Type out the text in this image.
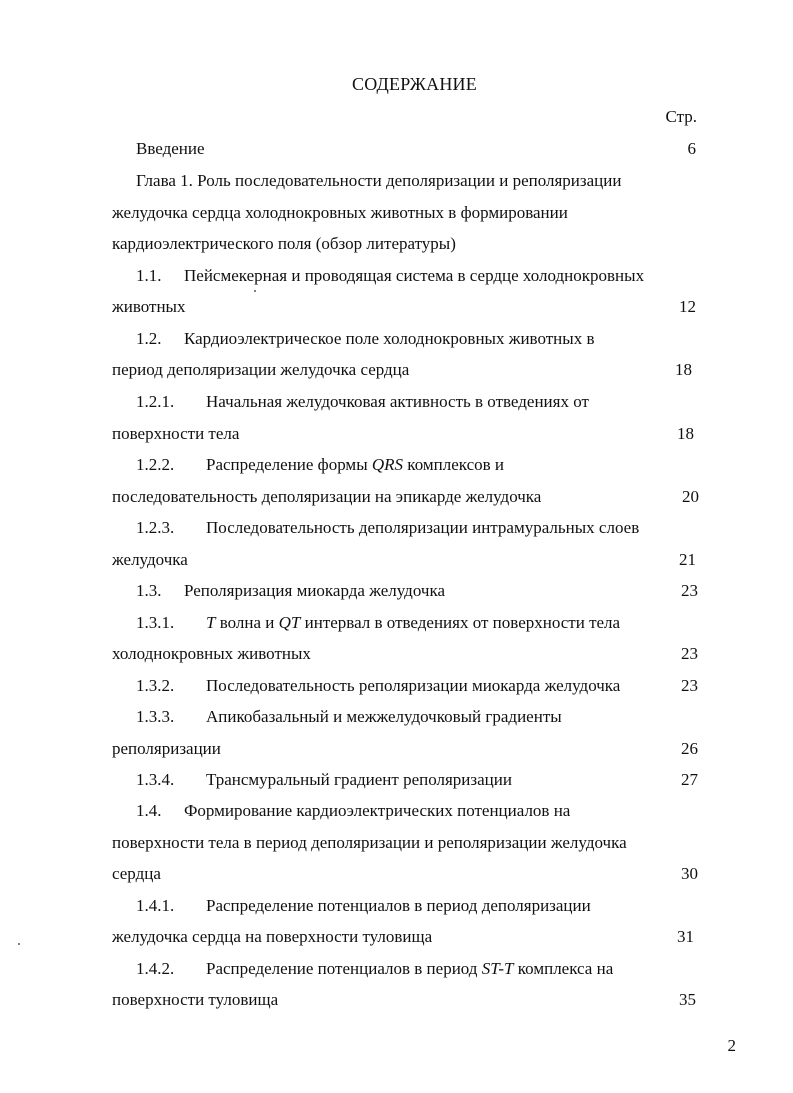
СОДЕРЖАНИЕ
Стр.
Введение	6
Глава 1. Роль последовательности деполяризации и реполяризации
желудочка сердца холоднокровных животных в формировании
кардиоэлектрического поля (обзор литературы)
1.1. Пейсмекерная и проводящая система в сердце холоднокровных
животных	12
1.2. Кардиоэлектрическое поле холоднокровных животных в
период деполяризации желудочка сердца	18
1.2.1. Начальная желудочковая активность в отведениях от
поверхности тела	18
1.2.2. Распределение формы QRS комплексов и
последовательность деполяризации на эпикарде желудочка	20
1.2.3. Последовательность деполяризации интрамуральных слоев
желудочка	21
1.3. Реполяризация миокарда желудочка	23
1.3.1. T волна и QT интервал в отведениях от поверхности тела
холоднокровных животных	23
1.3.2. Последовательность реполяризации миокарда желудочка	23
1.3.3. Апикобазальный и межжелудочковый градиенты
реполяризации	26
1.3.4. Трансмуральный градиент реполяризации	27
1.4. Формирование кардиоэлектрических потенциалов на
поверхности тела в период деполяризации и реполяризации желудочка
сердца	30
1.4.1. Распределение потенциалов в период деполяризации
желудочка сердца на поверхности туловища	31
1.4.2. Распределение потенциалов в период ST-T комплекса на
поверхности туловища	35
2
